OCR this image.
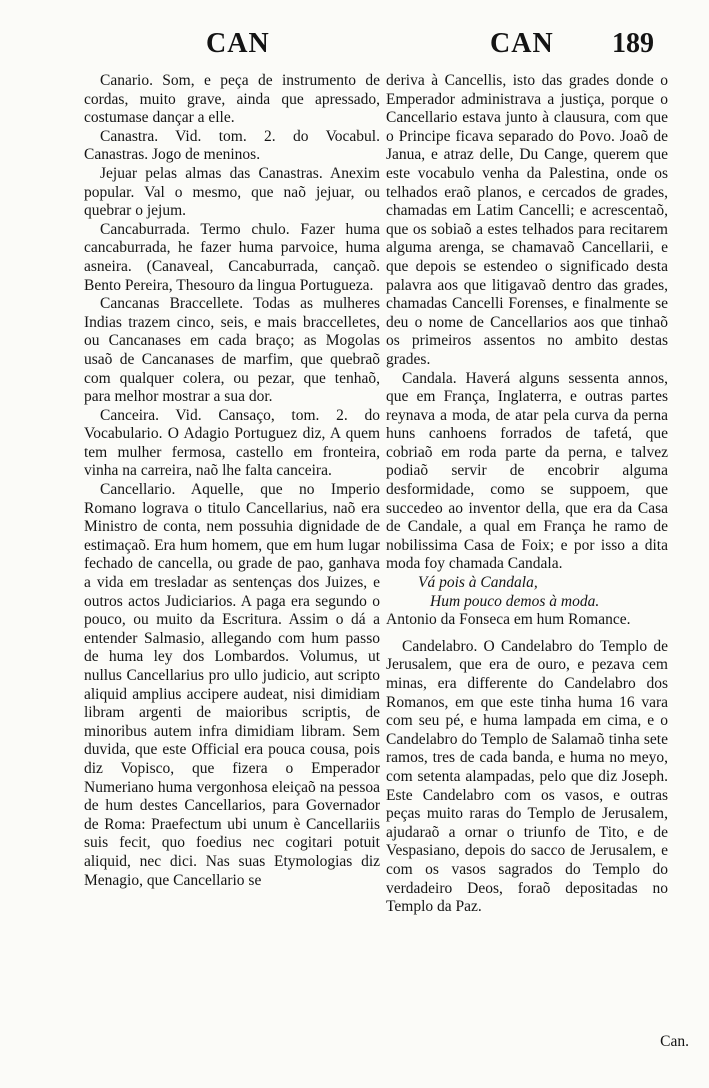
CAN	CAN 189

Canario. Som, e peça de instrumento de cordas, muito grave, ainda que apressado, costumase dançar a elle.

Canastra. Vid. tom. 2. do Vocabul. Canastras. Jogo de meninos.

Jejuar pelas almas das Canastras. Anexim popular. Val o mesmo, que naõ jejuar, ou quebrar o jejum.

Cancaburrada. Termo chulo. Fazer huma cancaburrada, he fazer huma parvoice, huma asneira. (Canaveal, Cancaburrada, cançaõ. Bento Pereira, Thesouro da lingua Portugueza.

Cancanas Braccellete. Todas as mulheres Indias trazem cinco, seis, e mais braccelletes, ou Cancanases em cada braço; as Mogolas usaõ de Cancanases de marfim, que quebraõ com qualquer colera, ou pezar, que tenhaõ, para melhor mostrar a sua dor.

Canceira. Vid. Cansaço, tom. 2. do Vocabulario. O Adagio Portuguez diz, A quem tem mulher fermosa, castello em fronteira, vinha na carreira, naõ lhe falta canceira.

Cancellario. Aquelle, que no Imperio Romano lograva o titulo Cancellarius, naõ era Ministro de conta, nem possuhia dignidade de estimaçaõ. Era hum homem, que em hum lugar fechado de cancella, ou grade de pao, ganhava a vida em tresladar as sentenças dos Juizes, e outros actos Judiciarios. A paga era segundo o pouco, ou muito da Escritura. Assim o dá a entender Salmasio, allegando com hum passo de huma ley dos Lombardos. Volumus, ut nullus Cancellarius pro ullo judicio, aut scripto aliquid amplius accipere audeat, nisi dimidiam libram argenti de maioribus scriptis, de minoribus autem infra dimidiam libram. Sem duvida, que este Official era pouca cousa, pois diz Vopisco, que fizera o Emperador Numeriano huma vergonhosa eleiçaõ na pessoa de hum destes Cancellarios, para Governador de Roma: Praefectum ubi unum è Cancellariis suis fecit, quo foedius nec cogitari potuit aliquid, nec dici. Nas suas Etymologias diz Menagio, que Cancellario se

deriva à Cancellis, isto das grades donde o Emperador administrava a justiça, porque o Cancellario estava junto à clausura, com que o Principe ficava separado do Povo. Joaõ de Janua, e atraz delle, Du Cange, querem que este vocabulo venha da Palestina, onde os telhados eraõ planos, e cercados de grades, chamadas em Latim Cancelli; e acrescentaõ, que os sobiaõ a estes telhados para recitarem alguma arenga, se chamavaõ Cancellarii, e que depois se estendeo o significado desta palavra aos que litigavaõ dentro das grades, chamadas Cancelli Forenses, e finalmente se deu o nome de Cancellarios aos que tinhaõ os primeiros assentos no ambito destas grades.

Candala. Haverá alguns sessenta annos, que em França, Inglaterra, e outras partes reynava a moda, de atar pela curva da perna huns canhoens forrados de tafetá, que cobriaõ em roda parte da perna, e talvez podiaõ servir de encobrir alguma desformidade, como se suppoem, que succedeo ao inventor della, que era da Casa de Candale, a qual em França he ramo de nobilissima Casa de Foix; e por isso a dita moda foy chamada Candala.

Vá pois à Candala,

Hum pouco demos à moda.

Antonio da Fonseca em hum Romance.

Candelabro. O Candelabro do Templo de Jerusalem, que era de ouro, e pezava cem minas, era differente do Candelabro dos Romanos, em que este tinha huma 16 vara com seu pé, e huma lampada em cima, e o Candelabro do Templo de Salamaõ tinha sete ramos, tres de cada banda, e huma no meyo, com setenta alampadas, pelo que diz Joseph. Este Candelabro com os vasos, e outras peças muito raras do Templo de Jerusalem, ajudaraõ a ornar o triunfo de Tito, e de Vespasiano, depois do sacco de Jerusalem, e com os vasos sagrados do Templo do verdadeiro Deos, foraõ depositadas no Templo da Paz.

Can.
